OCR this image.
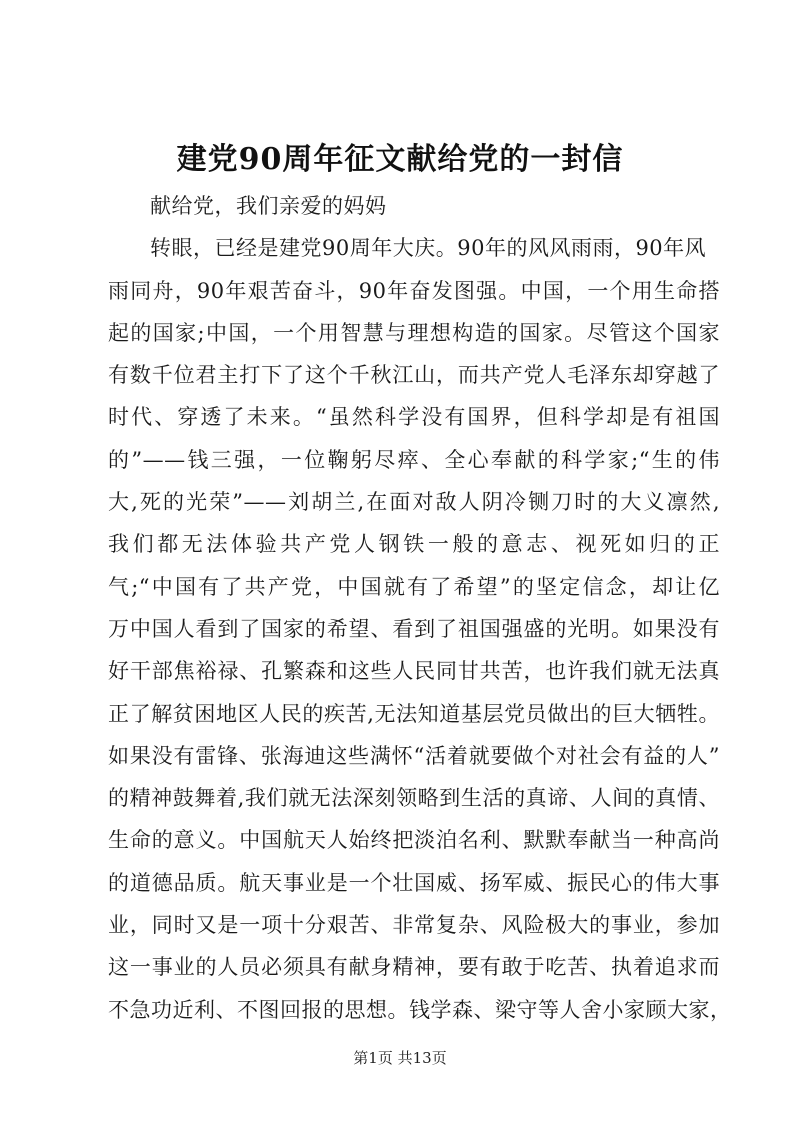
建党90周年征文献给党的一封信
献给党，我们亲爱的妈妈
转眼，已经是建党90周年大庆。90年的风风雨雨，90年风
雨同舟，90年艰苦奋斗，90年奋发图强。中国，一个用生命搭
起的国家;中国，一个用智慧与理想构造的国家。尽管这个国家
有数千位君主打下了这个千秋江山，而共产党人毛泽东却穿越了
时代、穿透了未来。“虽然科学没有国界，但科学却是有祖国
的”——钱三强，一位鞠躬尽瘁、全心奉献的科学家;“生的伟
大,死的光荣”——刘胡兰,在面对敌人阴冷铡刀时的大义凛然,
我们都无法体验共产党人钢铁一般的意志、视死如归的正
气;“中国有了共产党，中国就有了希望”的坚定信念，却让亿
万中国人看到了国家的希望、看到了祖国强盛的光明。如果没有
好干部焦裕禄、孔繁森和这些人民同甘共苦，也许我们就无法真
正了解贫困地区人民的疾苦,无法知道基层党员做出的巨大牺牲。
如果没有雷锋、张海迪这些满怀“活着就要做个对社会有益的人”
的精神鼓舞着,我们就无法深刻领略到生活的真谛、人间的真情、
生命的意义。中国航天人始终把淡泊名利、默默奉献当一种高尚
的道德品质。航天事业是一个壮国威、扬军威、振民心的伟大事
业，同时又是一项十分艰苦、非常复杂、风险极大的事业，参加
这一事业的人员必须具有献身精神，要有敢于吃苦、执着追求而
不急功近利、不图回报的思想。钱学森、梁守等人舍小家顾大家，
第1页 共13页
